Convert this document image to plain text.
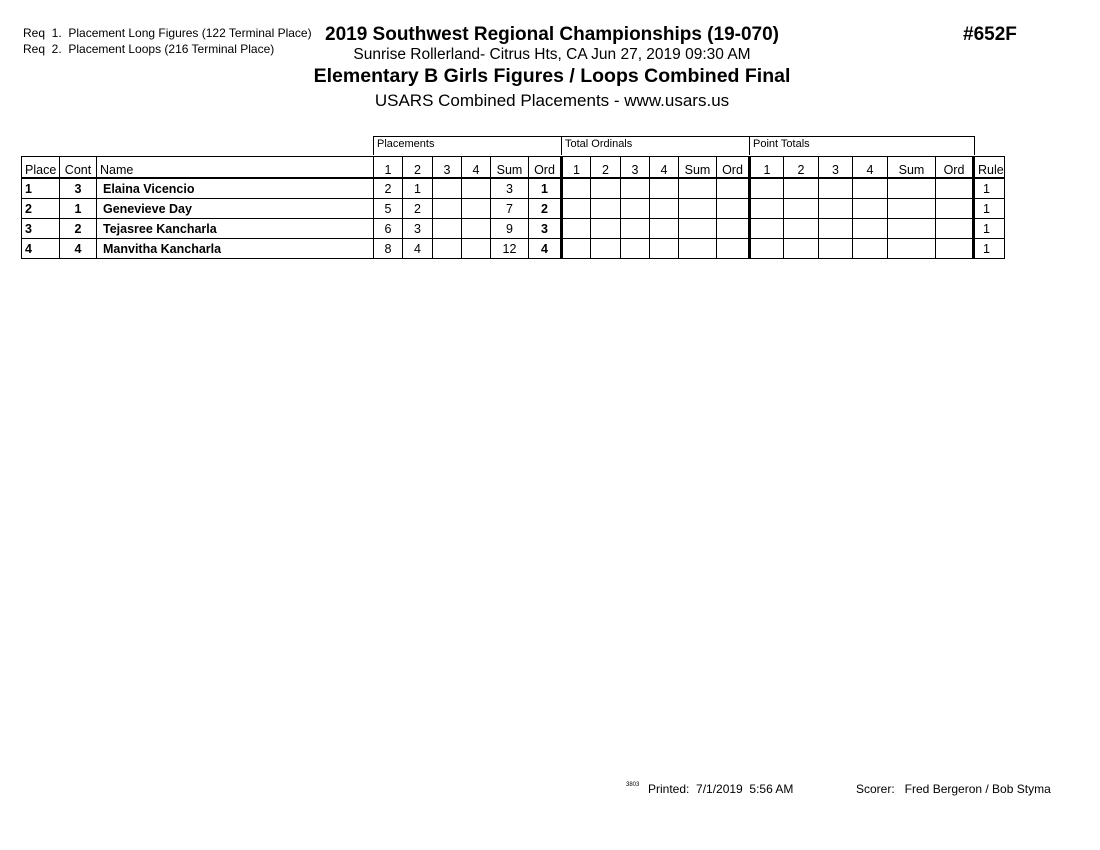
Req  1.  Placement Long Figures (122 Terminal Place)
Req  2.  Placement Loops (216 Terminal Place)
2019 Southwest Regional Championships (19-070)
Sunrise Rollerland- Citrus Hts, CA Jun 27, 2019 09:30 AM
Elementary B Girls Figures / Loops Combined Final
USARS Combined Placements - www.usars.us
#652F
Placements	Total Ordinals	Point Totals
Place	Cont	Name	1	2	3	4	Sum	Ord	1	2	3	4	Sum	Ord	1	2	3	4	Sum	Ord	Rule
1	3	Elaina Vicencio	2	1			3	1													1
2	1	Genevieve Day	5	2			7	2													1
3	2	Tejasree Kancharla	6	3			9	3													1
4	4	Manvitha Kancharla	8	4			12	4													1
3803 Printed:  7/1/2019  5:56 AM	Scorer:   Fred Bergeron / Bob Styma
